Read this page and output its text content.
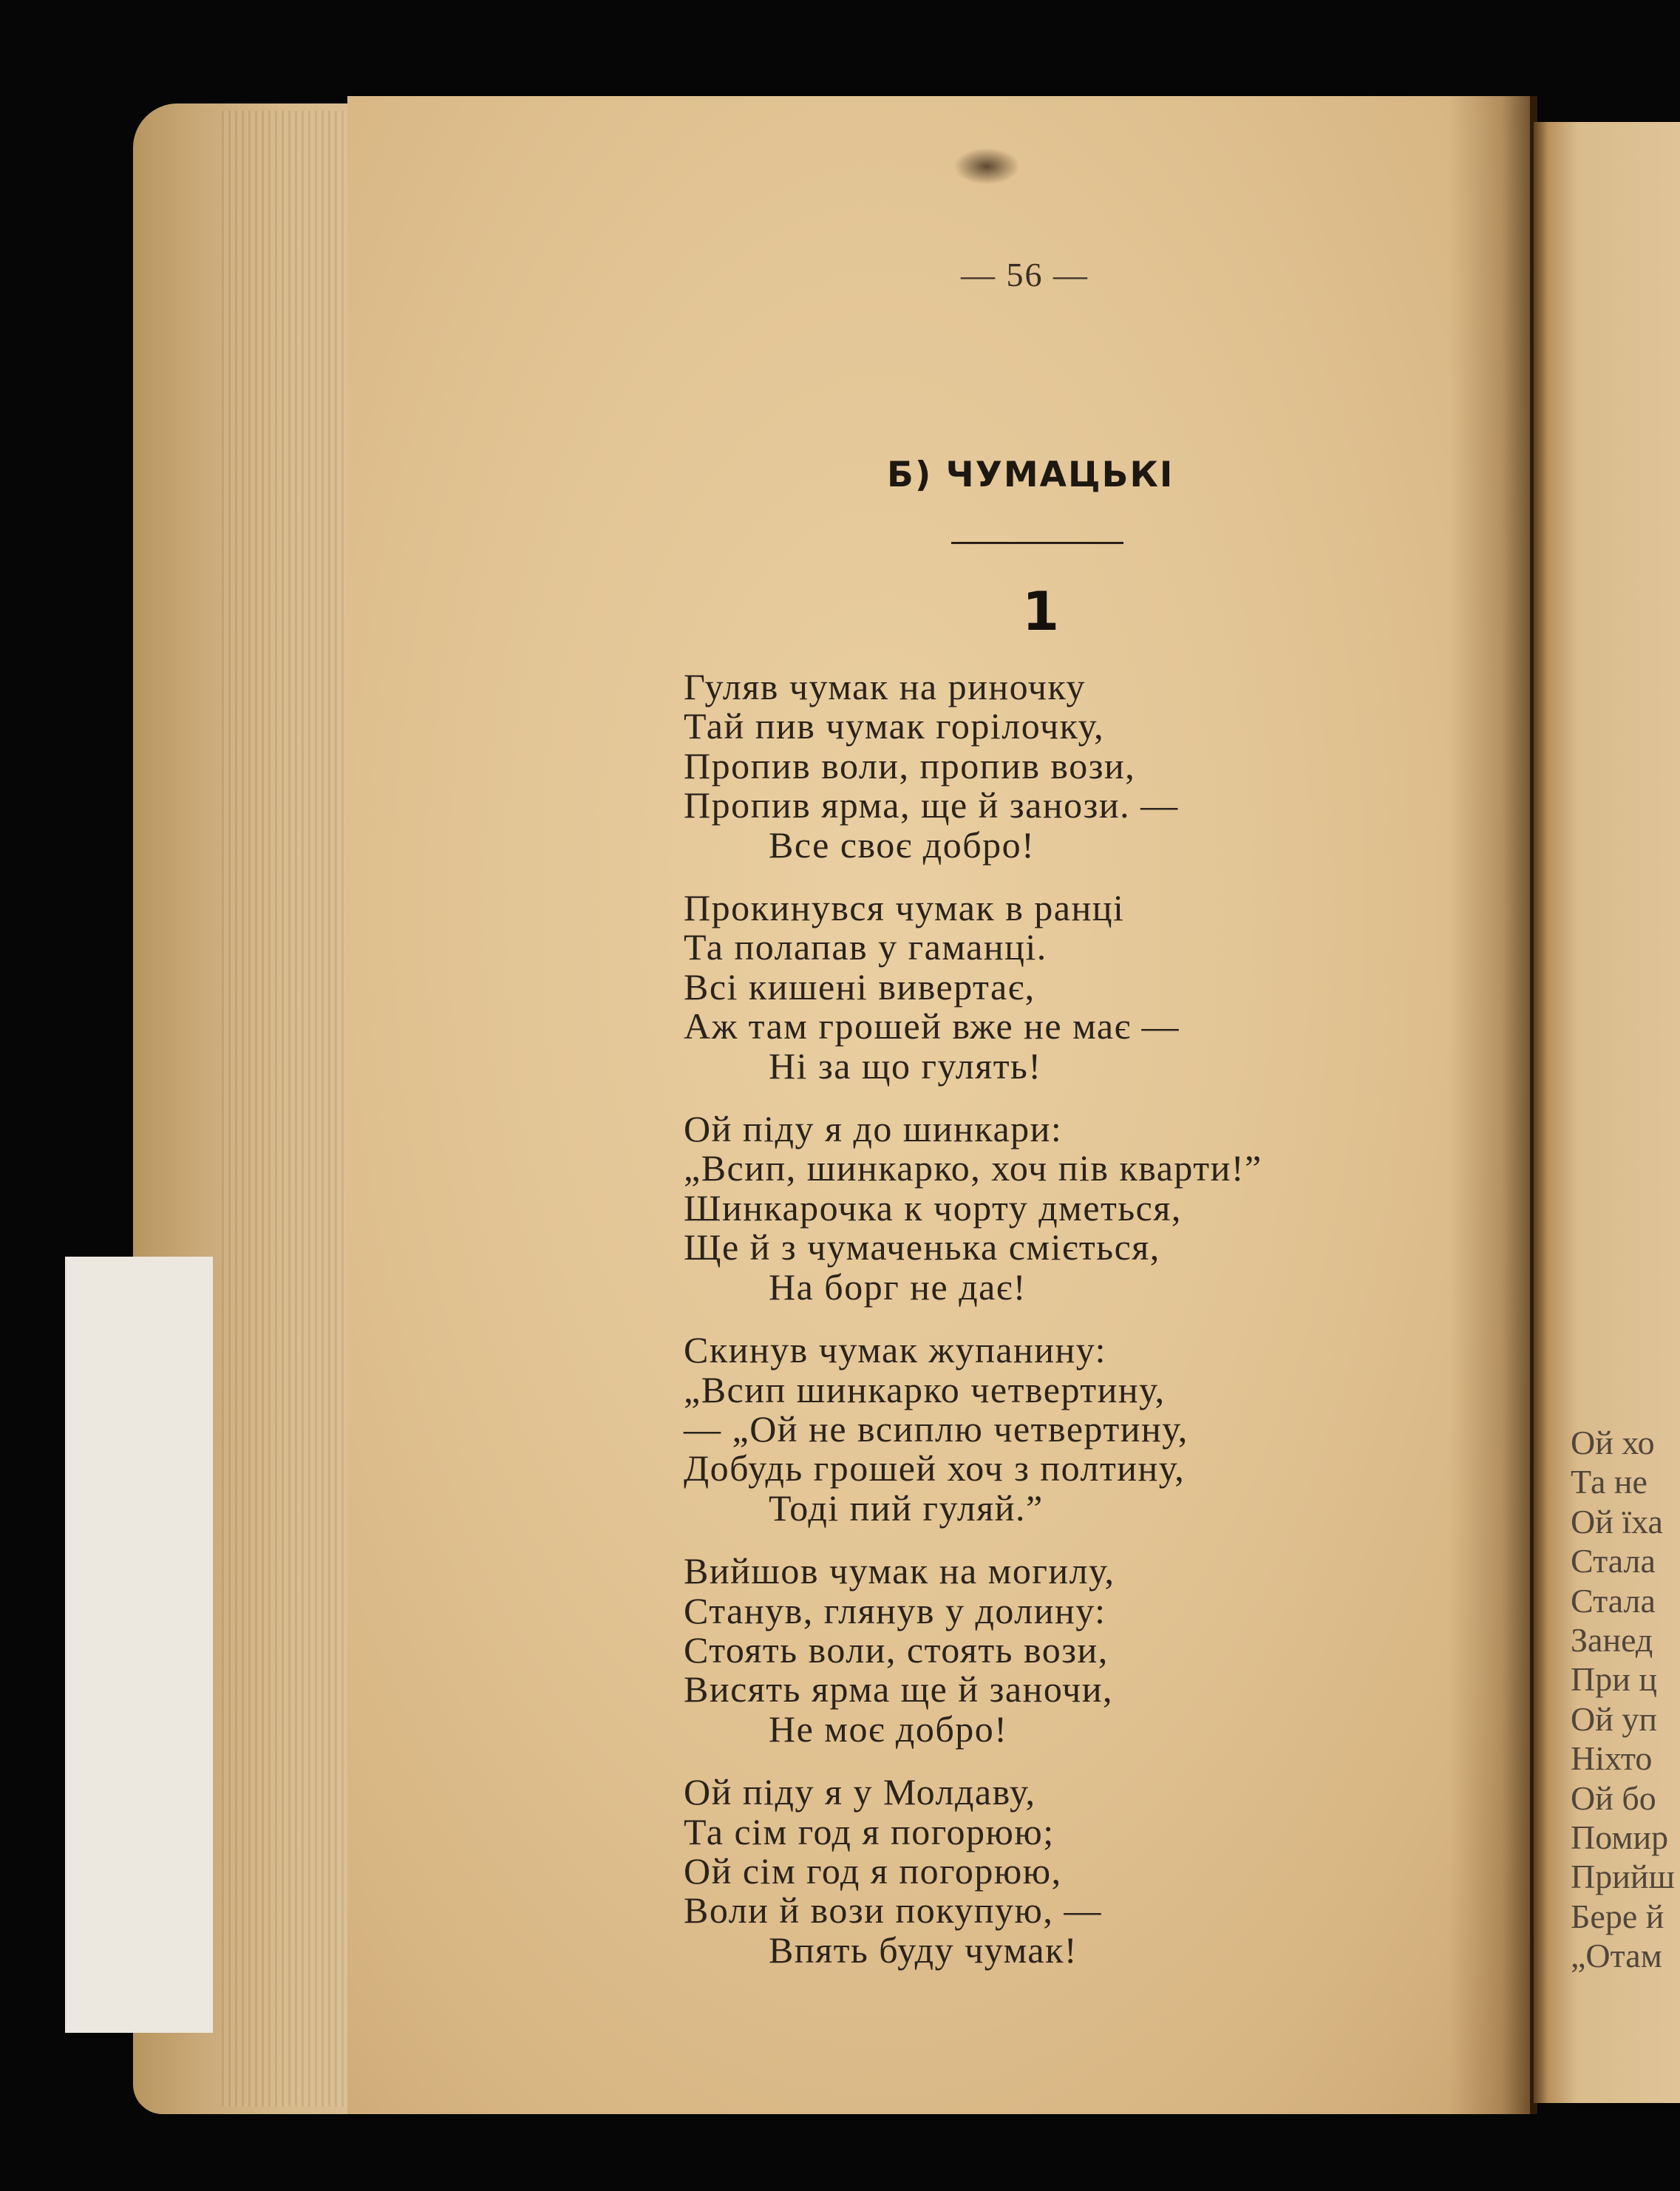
— 56 —
Б) ЧУМАЦЬКІ
1
Гуляв чумак на риночку
Тай пив чумак горілочку,
Пропив воли, пропив вози,
Пропив ярма, ще й занози. —
Все своє добро!
Прокинувся чумак в ранці
Та полапав у гаманці.
Всі кишені вивертає,
Аж там грошей вже не має —
Ні за що гулять!
Ой піду я до шинкари:
„Всип, шинкарко, хоч пів кварти!”
Шинкарочка к чорту дметься,
Ще й з чумаченька сміється,
На борг не дає!
Скинув чумак жупанину:
„Всип шинкарко четвертину,
— „Ой не всиплю четвертину,
Добудь грошей хоч з полтину,
Тоді пий гуляй.”
Вийшов чумак на могилу,
Станув, глянув у долину:
Стоять воли, стоять вози,
Висять ярма ще й заночи,
Не моє добро!
Ой піду я у Молдаву,
Та сім год я погорюю;
Ой сім год я погорюю,
Воли й вози покупую, —
Впять буду чумак!
Ой хо
Та не
Ой їха
Стала
Стала
Занед
При ц
Ой уп
Ніхто
Ой бо
Помир
Прийш
Бере й
„Отам
